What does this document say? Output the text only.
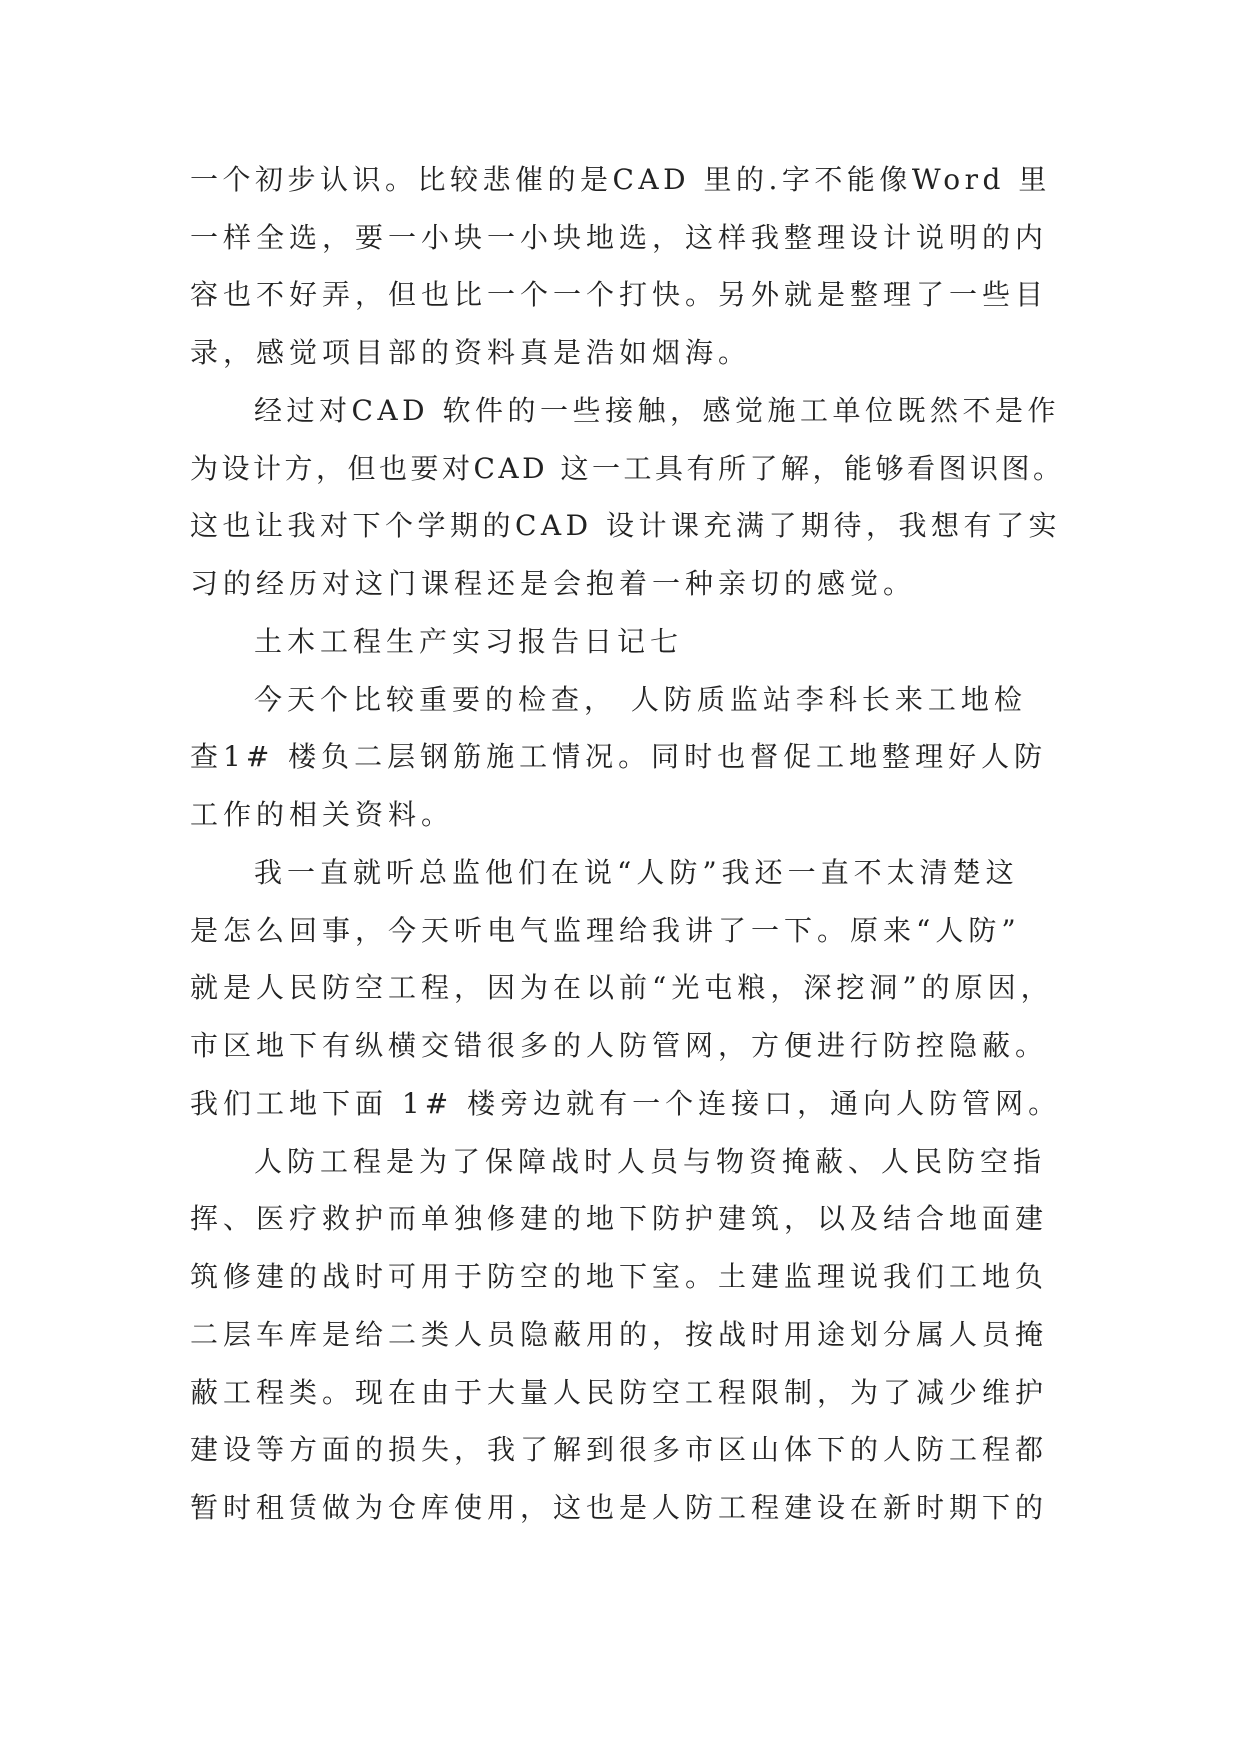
一个初步认识。比较悲催的是CAD 里的.字不能像Word 里

一样全选，要一小块一小块地选，这样我整理设计说明的内

容也不好弄，但也比一个一个打快。另外就是整理了一些目

录，感觉项目部的资料真是浩如烟海。

经过对CAD 软件的一些接触，感觉施工单位既然不是作

为设计方，但也要对CAD 这一工具有所了解，能够看图识图。

这也让我对下个学期的CAD 设计课充满了期待，我想有了实

习的经历对这门课程还是会抱着一种亲切的感觉。

土木工程生产实习报告日记七

今天个比较重要的检查， 人防质监站李科长来工地检

查1# 楼负二层钢筋施工情况。同时也督促工地整理好人防

工作的相关资料。

我一直就听总监他们在说“人防”我还一直不太清楚这

是怎么回事，今天听电气监理给我讲了一下。原来“人防”

就是人民防空工程，因为在以前“光屯粮，深挖洞”的原因，

市区地下有纵横交错很多的人防管网，方便进行防控隐蔽。

我们工地下面 1# 楼旁边就有一个连接口，通向人防管网。

人防工程是为了保障战时人员与物资掩蔽、人民防空指

挥、医疗救护而单独修建的地下防护建筑，以及结合地面建

筑修建的战时可用于防空的地下室。土建监理说我们工地负

二层车库是给二类人员隐蔽用的，按战时用途划分属人员掩

蔽工程类。现在由于大量人民防空工程限制，为了减少维护

建设等方面的损失，我了解到很多市区山体下的人防工程都

暂时租赁做为仓库使用，这也是人防工程建设在新时期下的
